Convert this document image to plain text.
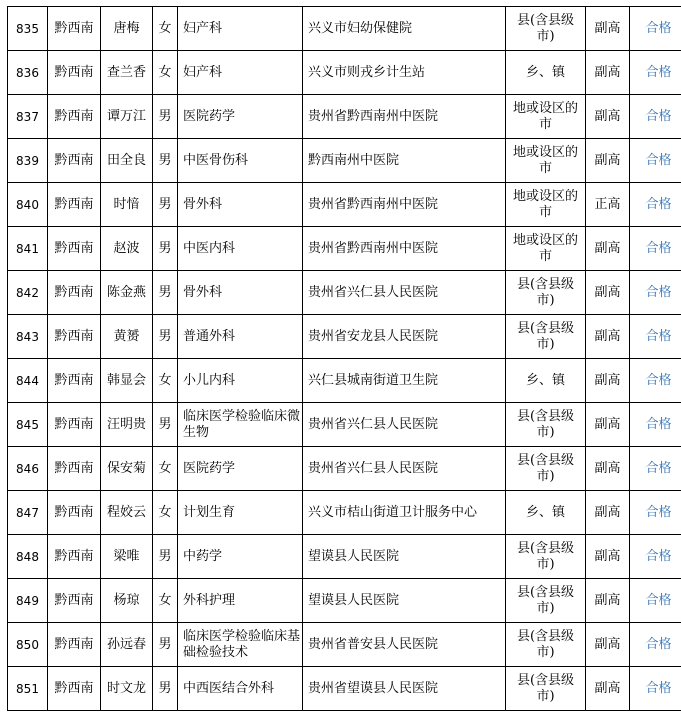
835	黔西南	唐梅	女	妇产科	兴义市妇幼保健院	县(含县级市)	副高	合格

836	黔西南	查兰香	女	妇产科	兴义市则戎乡计生站	乡、镇	副高	合格

837	黔西南	谭万江	男	医院药学	贵州省黔西南州中医院	地或设区的市	副高	合格

839	黔西南	田全良	男	中医骨伤科	黔西南州中医院	地或设区的市	副高	合格

840	黔西南	时愔	男	骨外科	贵州省黔西南州中医院	地或设区的市	正高	合格

841	黔西南	赵波	男	中医内科	贵州省黔西南州中医院	地或设区的市	副高	合格

842	黔西南	陈金燕	男	骨外科	贵州省兴仁县人民医院	县(含县级市)	副高	合格

843	黔西南	黄赟	男	普通外科	贵州省安龙县人民医院	县(含县级市)	副高	合格

844	黔西南	韩显会	女	小儿内科	兴仁县城南街道卫生院	乡、镇	副高	合格

845	黔西南	汪明贵	男	临床医学检验临床微生物	贵州省兴仁县人民医院	县(含县级市)	副高	合格

846	黔西南	保安菊	女	医院药学	贵州省兴仁县人民医院	县(含县级市)	副高	合格

847	黔西南	程姣云	女	计划生育	兴义市桔山街道卫计服务中心	乡、镇	副高	合格

848	黔西南	梁唯	男	中药学	望谟县人民医院	县(含县级市)	副高	合格

849	黔西南	杨琼	女	外科护理	望谟县人民医院	县(含县级市)	副高	合格

850	黔西南	孙远春	男	临床医学检验临床基础检验技术	贵州省普安县人民医院	县(含县级市)	副高	合格

851	黔西南	时文龙	男	中西医结合外科	贵州省望谟县人民医院	县(含县级市)	副高	合格
